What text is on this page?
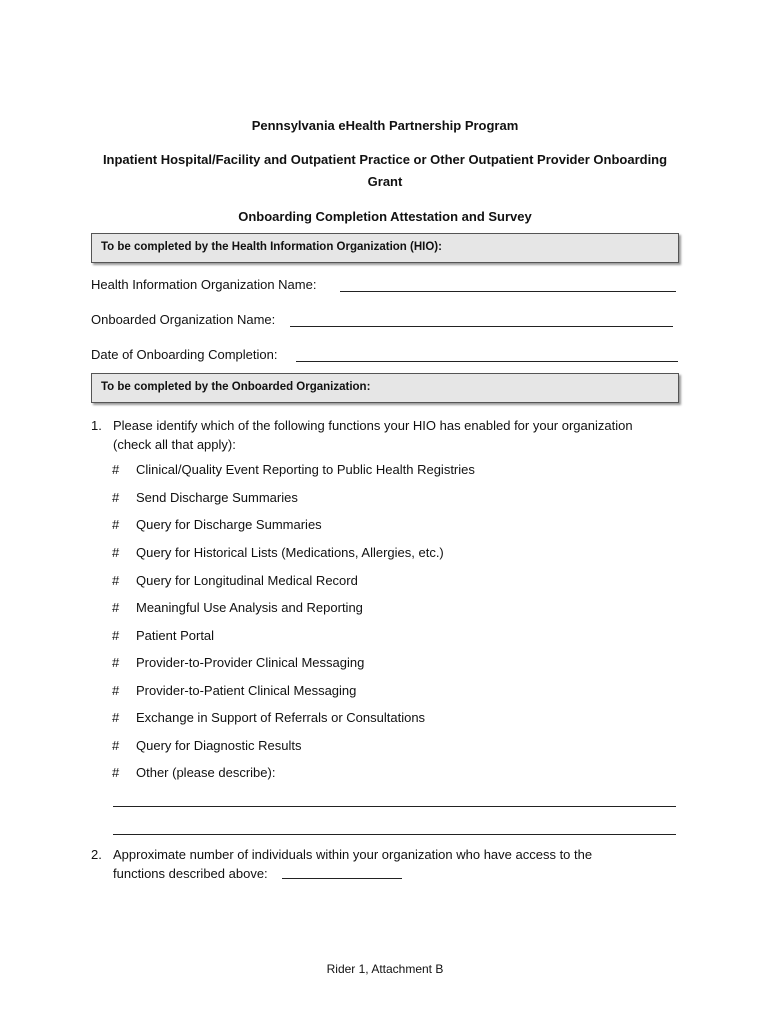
Pennsylvania eHealth Partnership Program
Inpatient Hospital/Facility and Outpatient Practice or Other Outpatient Provider Onboarding
Grant
Onboarding Completion Attestation and Survey
To be completed by the Health Information Organization (HIO):
Health Information Organization Name:
Onboarded Organization Name:
Date of Onboarding Completion:
To be completed by the Onboarded Organization:
1. Please identify which of the following functions your HIO has enabled for your organization
(check all that apply):
# Clinical/Quality Event Reporting to Public Health Registries
# Send Discharge Summaries
# Query for Discharge Summaries
# Query for Historical Lists (Medications, Allergies, etc.)
# Query for Longitudinal Medical Record
# Meaningful Use Analysis and Reporting
# Patient Portal
# Provider-to-Provider Clinical Messaging
# Provider-to-Patient Clinical Messaging
# Exchange in Support of Referrals or Consultations
# Query for Diagnostic Results
# Other (please describe):
2. Approximate number of individuals within your organization who have access to the
functions described above:
Rider 1, Attachment B
